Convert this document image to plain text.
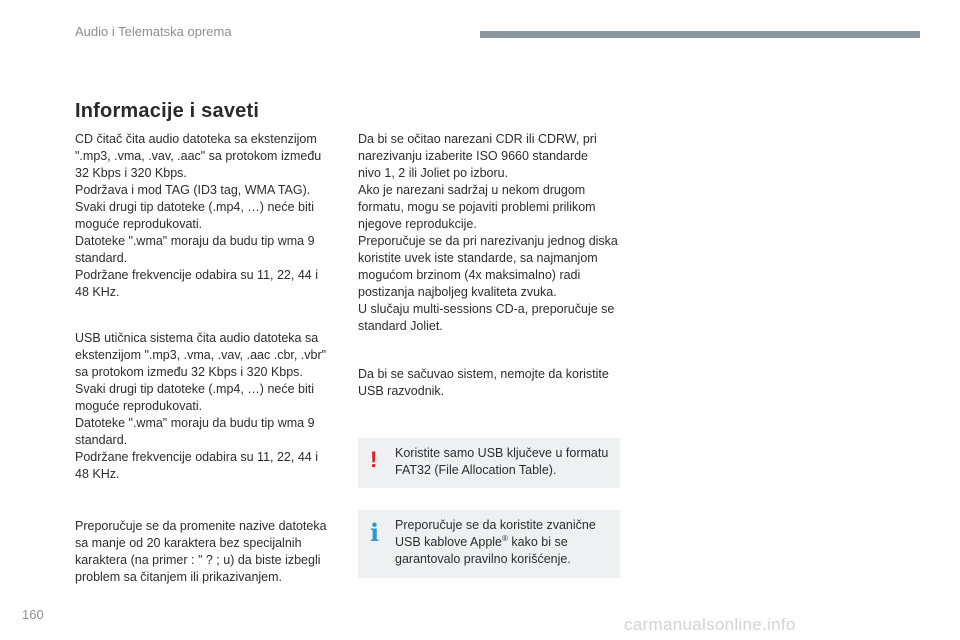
Audio i Telematska oprema
Informacije i saveti
CD čitač čita audio datoteka sa ekstenzijom
".mp3, .vma, .vav, .aac" sa protokom između
32 Kbps i 320 Kbps.
Podržava i mod TAG (ID3 tag, WMA TAG).
Svaki drugi tip datoteke (.mp4, …) neće biti
moguće reprodukovati.
Datoteke ".wma" moraju da budu tip wma 9
standard.
Podržane frekvencije odabira su 11, 22, 44 i
48 KHz.
USB utičnica sistema čita audio datoteka sa
ekstenzijom ".mp3, .vma, .vav, .aac .cbr, .vbr"
sa protokom između 32 Kbps i 320 Kbps.
Svaki drugi tip datoteke (.mp4, …) neće biti
moguće reprodukovati.
Datoteke ".wma" moraju da budu tip wma 9
standard.
Podržane frekvencije odabira su 11, 22, 44 i
48 KHz.
Preporučuje se da promenite nazive datoteka
sa manje od 20 karaktera bez specijalnih
karaktera (na primer : " ? ; u) da biste izbegli
problem sa čitanjem ili prikazivanjem.
Da bi se očitao narezani CDR ili CDRW, pri
narezivanju izaberite ISO 9660 standarde
nivo 1, 2 ili Joliet po izboru.
Ako je narezani sadržaj u nekom drugom
formatu, mogu se pojaviti problemi prilikom
njegove reprodukcije.
Preporučuje se da pri narezivanju jednog diska
koristite uvek iste standarde, sa najmanjom
mogućom brzinom (4x maksimalno) radi
postizanja najboljeg kvaliteta zvuka.
U slučaju multi-sessions CD-a, preporučuje se
standard Joliet.
Da bi se sačuvao sistem, nemojte da koristite
USB razvodnik.
! Koristite samo USB ključeve u formatu
FAT32 (File Allocation Table).
i Preporučuje se da koristite zvanične
USB kablove Apple® kako bi se
garantovalo pravilno korišćenje.
160
carmanualsonline.info
